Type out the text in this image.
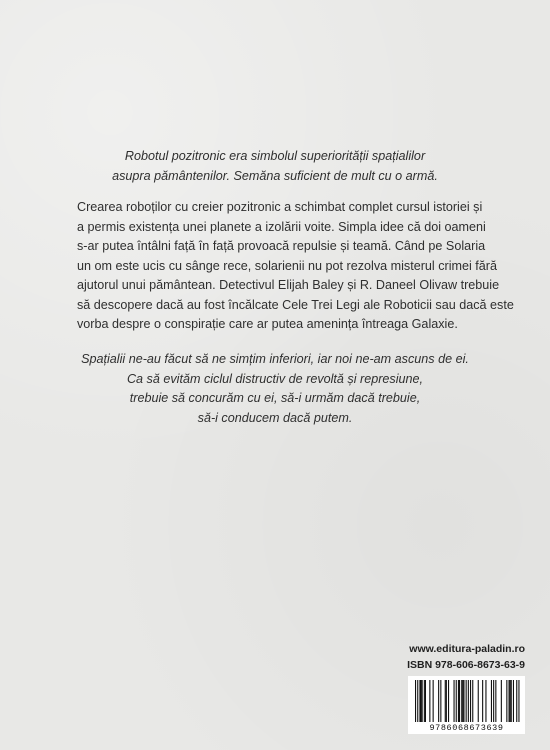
Robotul pozitronic era simbolul superiorității spațialilor
asupra pământenilor. Semăna suficient de mult cu o armă.

Crearea roboților cu creier pozitronic a schimbat complet cursul istoriei și
a permis existența unei planete a izolării voite. Simpla idee că doi oameni
s-ar putea întâlni față în față provoacă repulsie și teamă. Când pe Solaria
un om este ucis cu sânge rece, solarienii nu pot rezolva misterul crimei fără
ajutorul unui pământean. Detectivul Elijah Baley și R. Daneel Olivaw trebuie
să descopere dacă au fost încălcate Cele Trei Legi ale Roboticii sau dacă este
vorba despre o conspirație care ar putea amenința întreaga Galaxie.

Spațialii ne-au făcut să ne simțim inferiori, iar noi ne-am ascuns de ei.
Ca să evităm ciclul distructiv de revoltă și represiune,
trebuie să concurăm cu ei, să-i urmăm dacă trebuie,
să-i conducem dacă putem.

www.editura-paladin.ro
ISBN 978-606-8673-63-9
9786068673639
